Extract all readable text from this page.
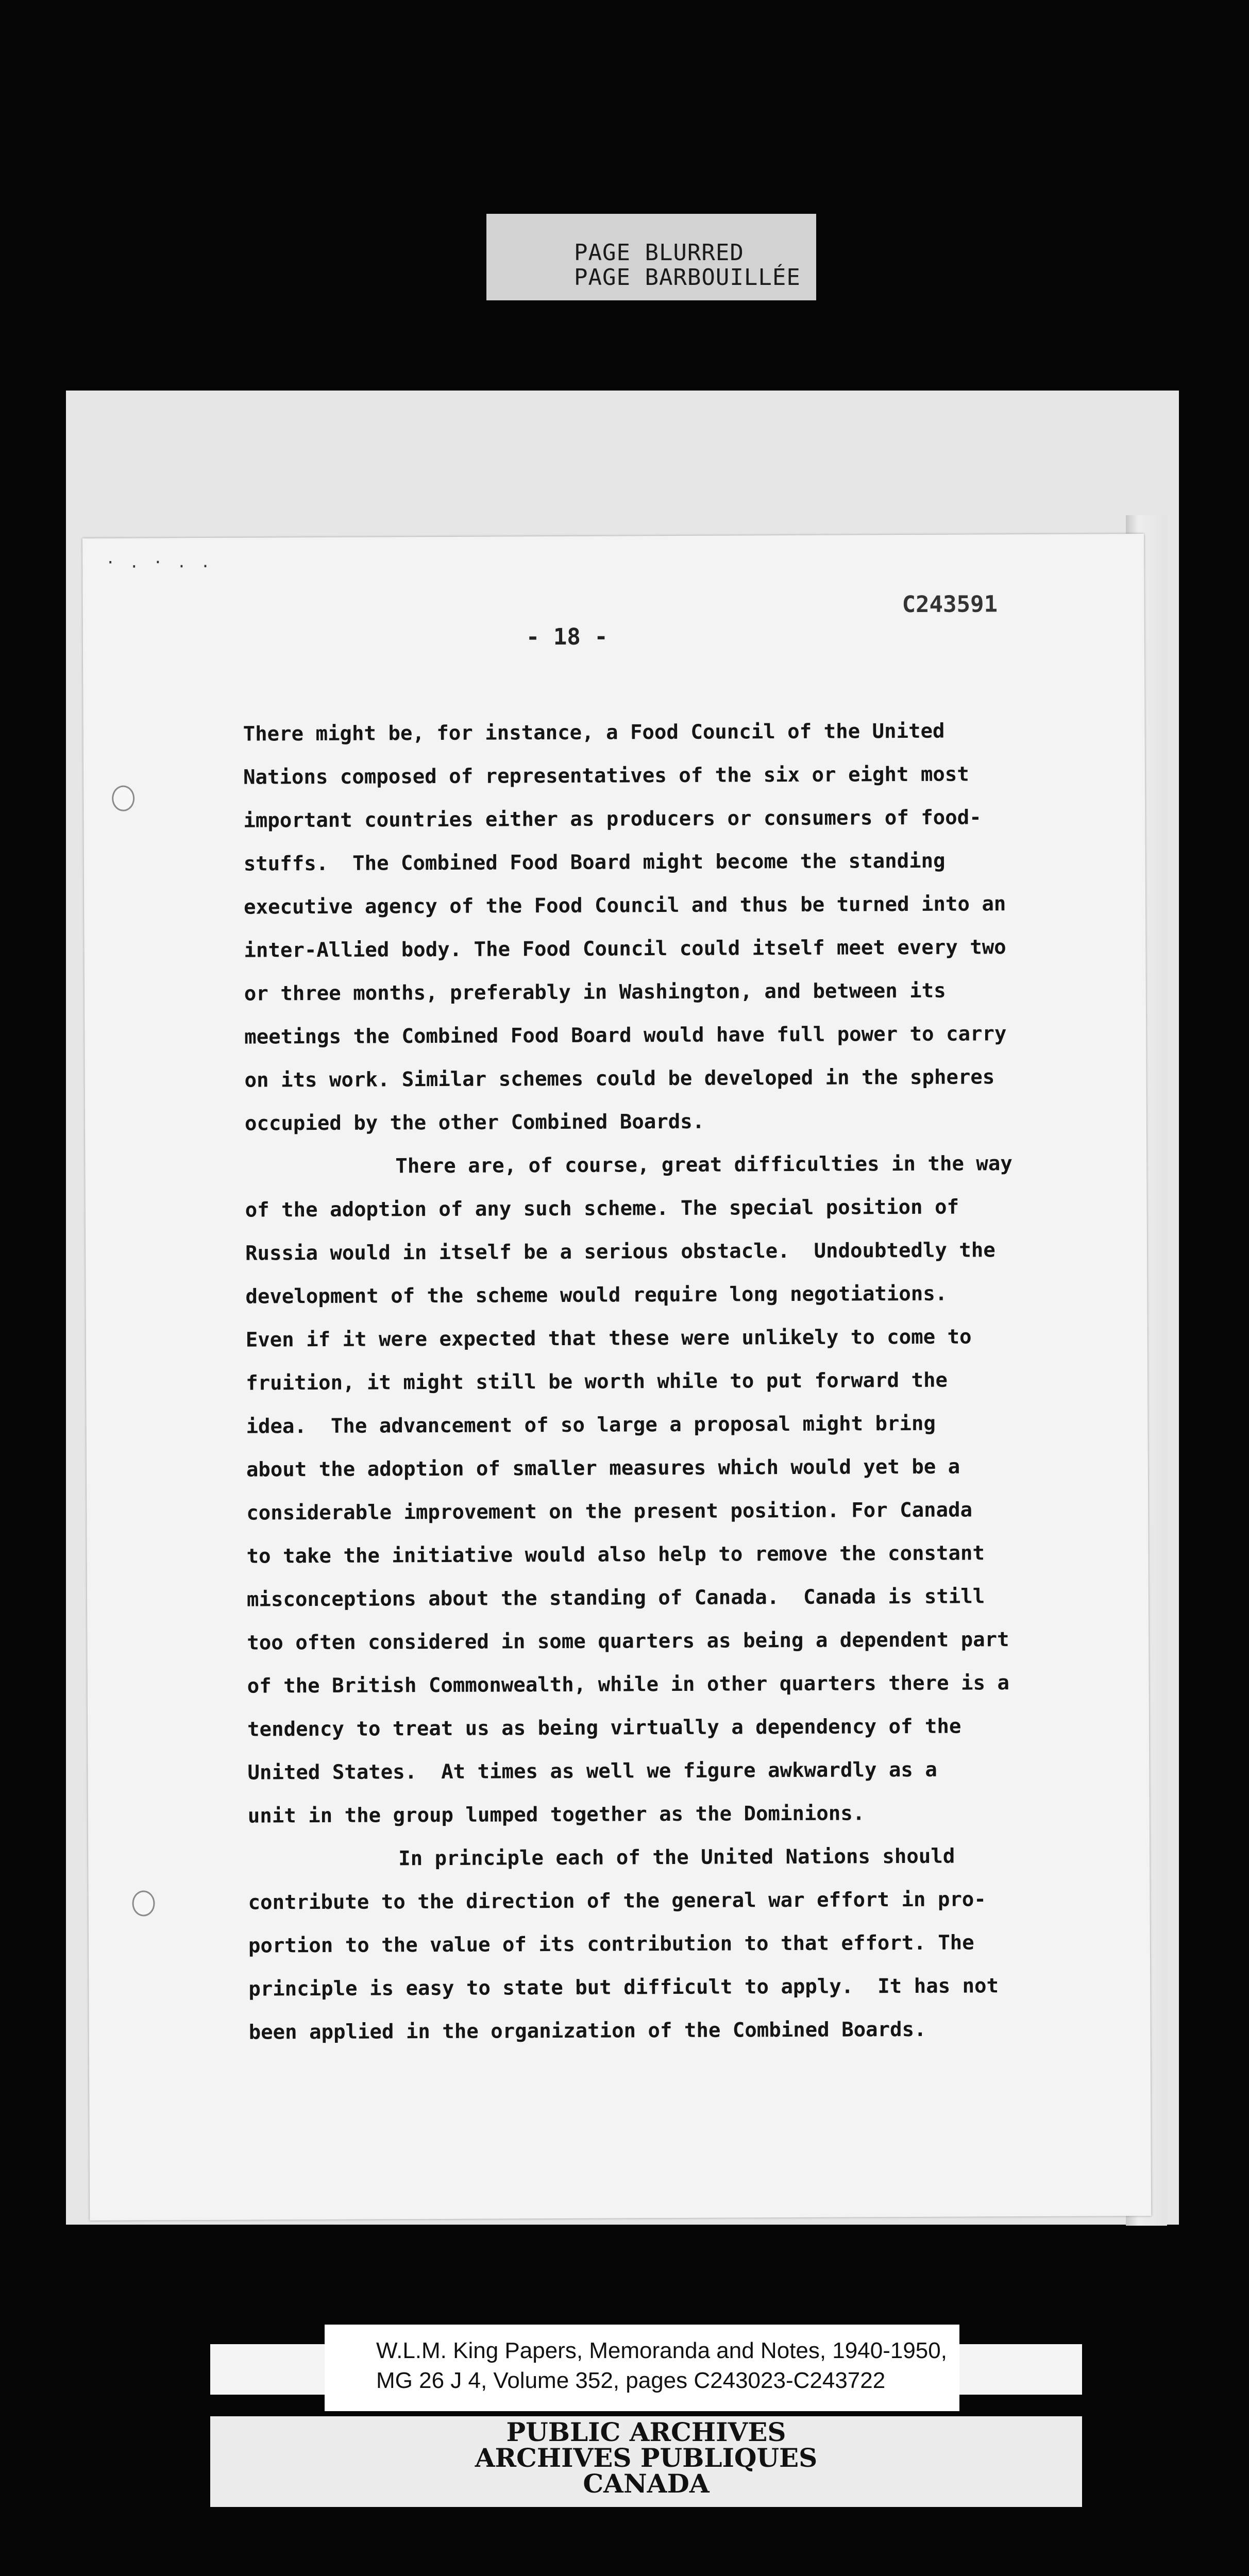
PAGE BLURRED
PAGE BARBOUILLÉE
·.·..
C243591
- 18 -
There might be, for instance, a Food Council of the United
Nations composed of representatives of the six or eight most
important countries either as producers or consumers of food-
stuffs.  The Combined Food Board might become the standing
executive agency of the Food Council and thus be turned into an
inter-Allied body. The Food Council could itself meet every two
or three months, preferably in Washington, and between its
meetings the Combined Food Board would have full power to carry
on its work. Similar schemes could be developed in the spheres
occupied by the other Combined Boards.
There are, of course, great difficulties in the way
of the adoption of any such scheme. The special position of
Russia would in itself be a serious obstacle.  Undoubtedly the
development of the scheme would require long negotiations.
Even if it were expected that these were unlikely to come to
fruition, it might still be worth while to put forward the
idea.  The advancement of so large a proposal might bring
about the adoption of smaller measures which would yet be a
considerable improvement on the present position. For Canada
to take the initiative would also help to remove the constant
misconceptions about the standing of Canada.  Canada is still
too often considered in some quarters as being a dependent part
of the British Commonwealth, while in other quarters there is a
tendency to treat us as being virtually a dependency of the
United States.  At times as well we figure awkwardly as a
unit in the group lumped together as the Dominions.
In principle each of the United Nations should
contribute to the direction of the general war effort in pro-
portion to the value of its contribution to that effort. The
principle is easy to state but difficult to apply.  It has not
been applied in the organization of the Combined Boards.
W.L.M. King Papers, Memoranda and Notes, 1940-1950,
MG 26 J 4, Volume 352, pages C243023-C243722
PUBLIC ARCHIVES
ARCHIVES PUBLIQUES
CANADA
